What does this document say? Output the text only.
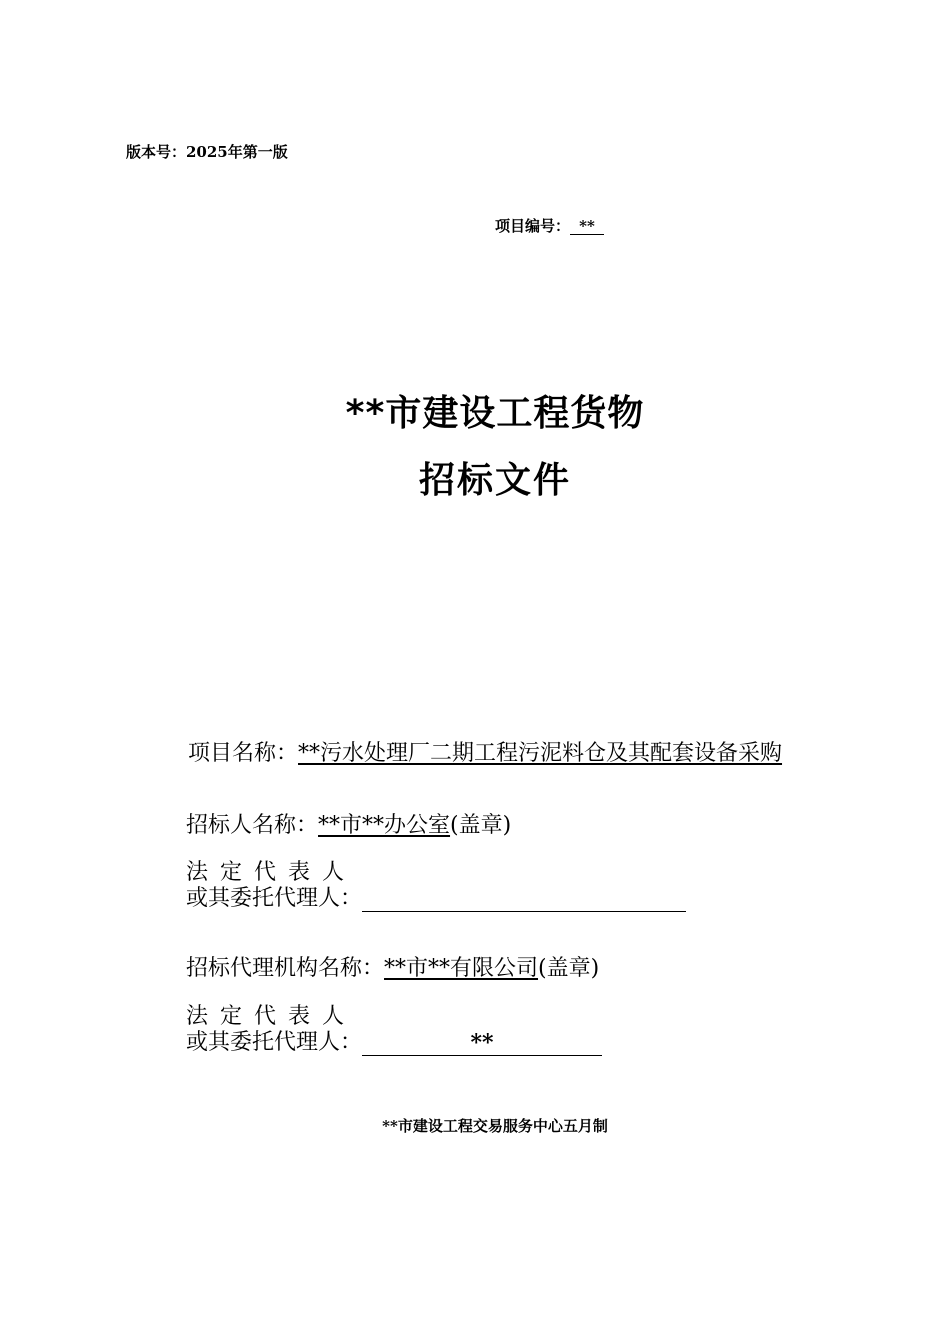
版本号：2025年第一版
项目编号： **
**市建设工程货物
招标文件
项目名称：**污水处理厂二期工程污泥料仓及其配套设备采购
招标人名称：**市**办公室(盖章)
法定代表人
或其委托代理人：
招标代理机构名称：**市**有限公司(盖章)
法定代表人
或其委托代理人：	**
**市建设工程交易服务中心五月制
